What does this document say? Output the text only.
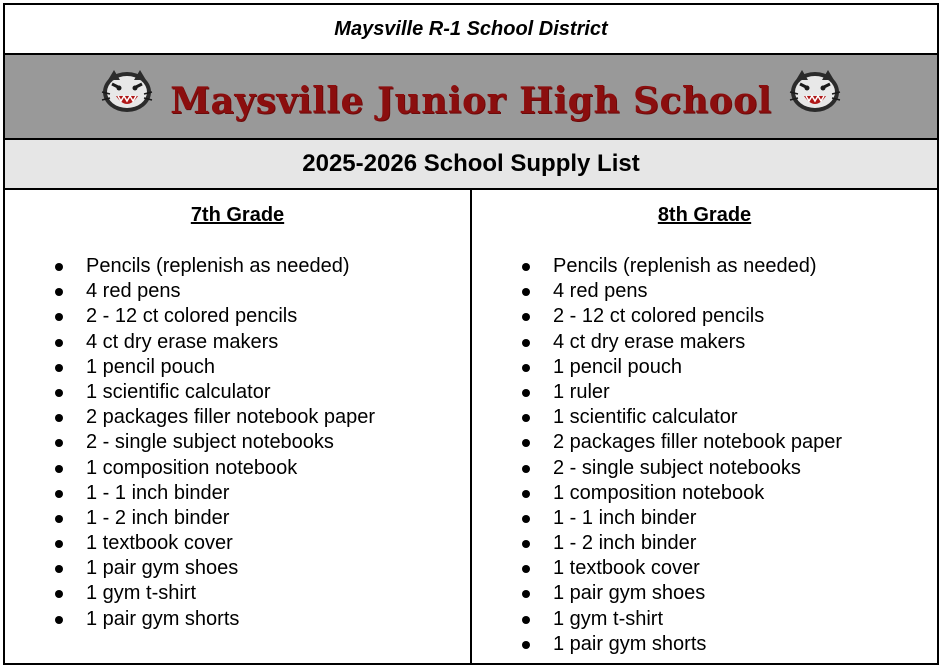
Maysville R-1 School District
Maysville Junior High School
2025-2026 School Supply List
7th Grade
Pencils (replenish as needed)
4 red pens
2 - 12 ct colored pencils
4 ct dry erase makers
1 pencil pouch
1 scientific calculator
2 packages filler notebook paper
2 - single subject notebooks
1 composition notebook
1 - 1 inch binder
1 - 2 inch binder
1 textbook cover
1 pair gym shoes
1 gym t-shirt
1 pair gym shorts
8th Grade
Pencils (replenish as needed)
4 red pens
2 - 12 ct colored pencils
4 ct dry erase makers
1 pencil pouch
1 ruler
1 scientific calculator
2 packages filler notebook paper
2 - single subject notebooks
1 composition notebook
1 - 1 inch binder
1 - 2 inch binder
1 textbook cover
1 pair gym shoes
1 gym t-shirt
1 pair gym shorts
